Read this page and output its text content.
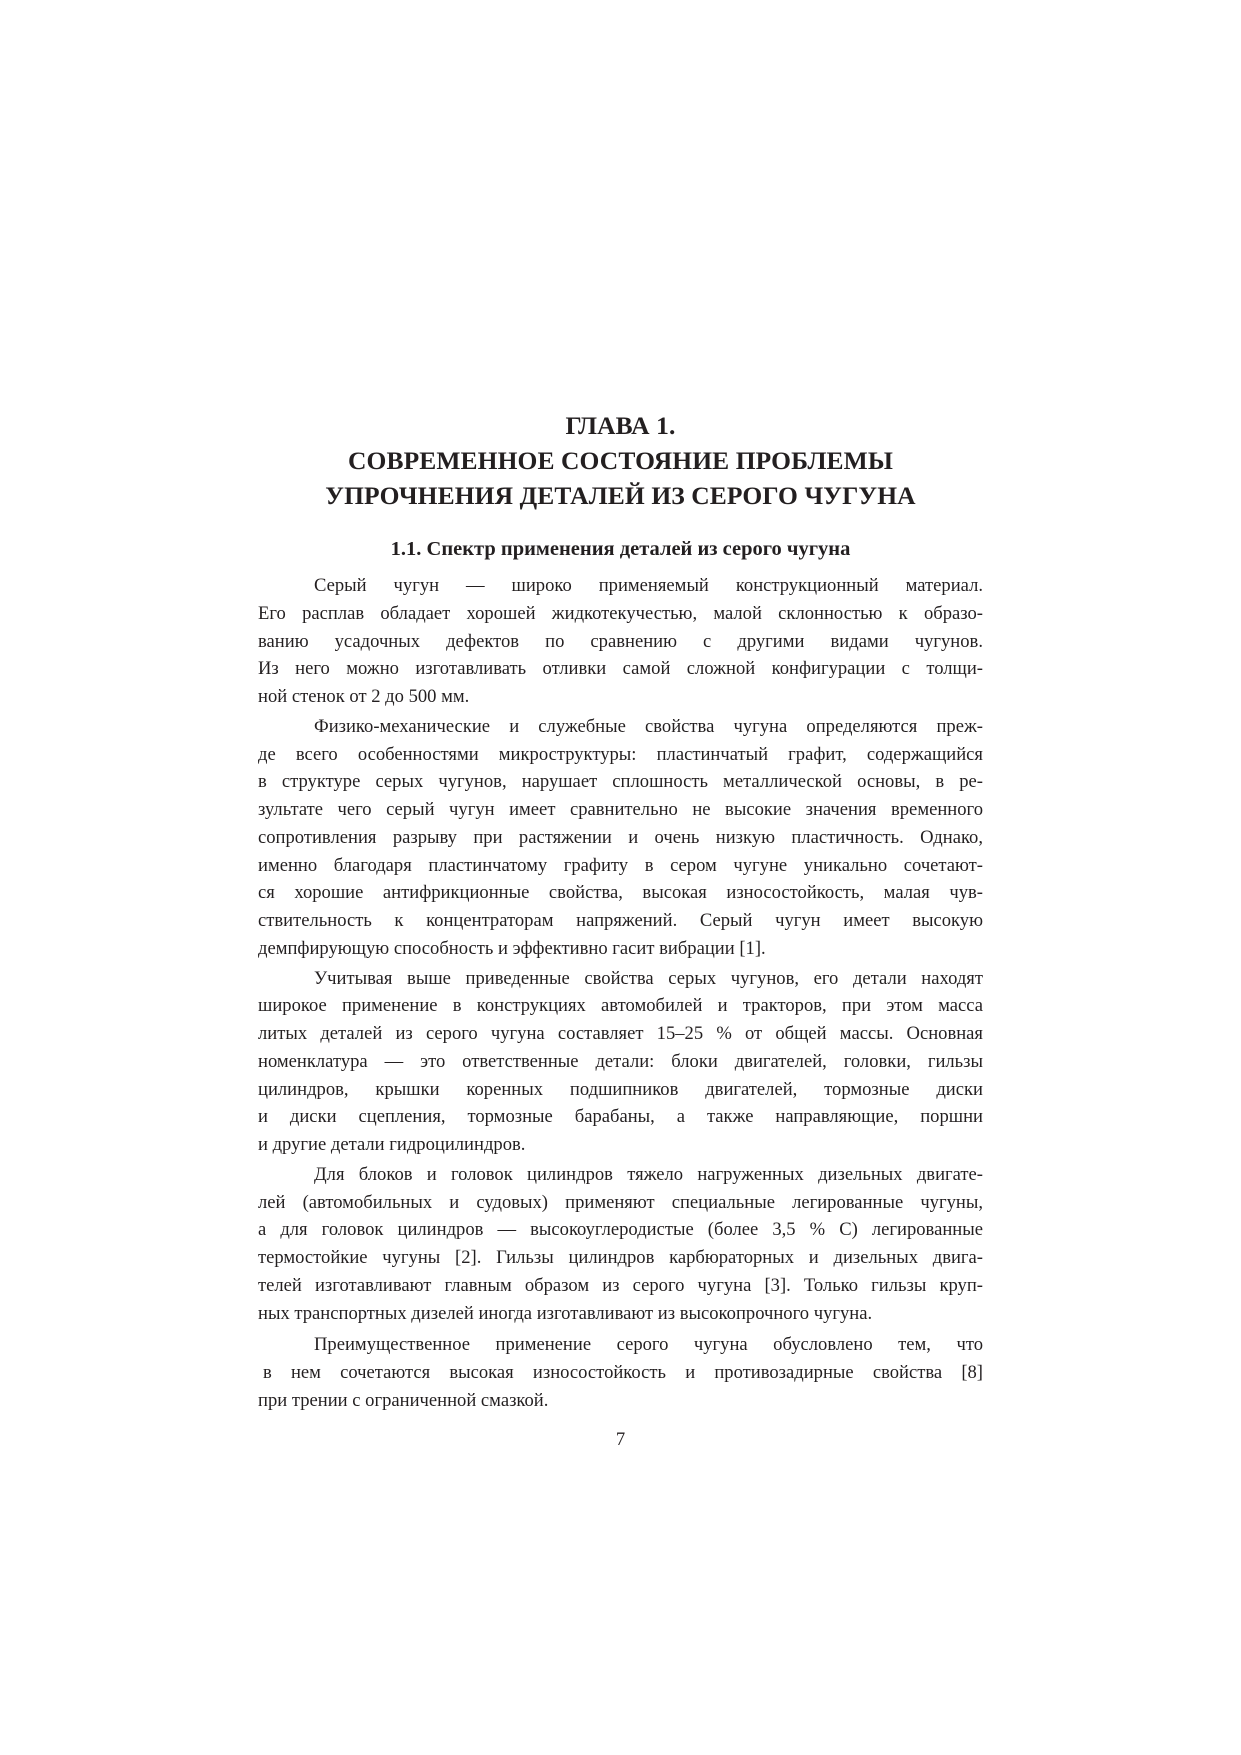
ГЛАВА 1.
СОВРЕМЕННОЕ СОСТОЯНИЕ ПРОБЛЕМЫ
УПРОЧНЕНИЯ ДЕТАЛЕЙ ИЗ СЕРОГО ЧУГУНА
1.1. Спектр применения деталей из серого чугуна
Серый чугун — широко применяемый конструкционный материал.
Его расплав обладает хорошей жидкотекучестью, малой склонностью к образо-
ванию усадочных дефектов по сравнению с другими видами чугунов.
Из него можно изготавливать отливки самой сложной конфигурации с толщи-
ной стенок от 2 до 500 мм.
Физико-механические и служебные свойства чугуна определяются преж-
де всего особенностями микроструктуры: пластинчатый графит, содержащийся
в структуре серых чугунов, нарушает сплошность металлической основы, в ре-
зультате чего серый чугун имеет сравнительно не высокие значения временного
сопротивления разрыву при растяжении и очень низкую пластичность. Однако,
именно благодаря пластинчатому графиту в сером чугуне уникально сочетают-
ся хорошие антифрикционные свойства, высокая износостойкость, малая чув-
ствительность к концентраторам напряжений. Серый чугун имеет высокую
демпфирующую способность и эффективно гасит вибрации [1].
Учитывая выше приведенные свойства серых чугунов, его детали находят
широкое применение в конструкциях автомобилей и тракторов, при этом масса
литых деталей из серого чугуна составляет 15–25 % от общей массы. Основная
номенклатура — это ответственные детали: блоки двигателей, головки, гильзы
цилиндров, крышки коренных подшипников двигателей, тормозные диски
и диски сцепления, тормозные барабаны, а также направляющие, поршни
и другие детали гидроцилиндров.
Для блоков и головок цилиндров тяжело нагруженных дизельных двигате-
лей (автомобильных и судовых) применяют специальные легированные чугуны,
а для головок цилиндров — высокоуглеродистые (более 3,5 % С) легированные
термостойкие чугуны [2]. Гильзы цилиндров карбюраторных и дизельных двига-
телей изготавливают главным образом из серого чугуна [3]. Только гильзы круп-
ных транспортных дизелей иногда изготавливают из высокопрочного чугуна.
Преимущественное применение серого чугуна обусловлено тем, что
в нем сочетаются высокая износостойкость и противозадирные свойства [8]
при трении с ограниченной смазкой.
7
